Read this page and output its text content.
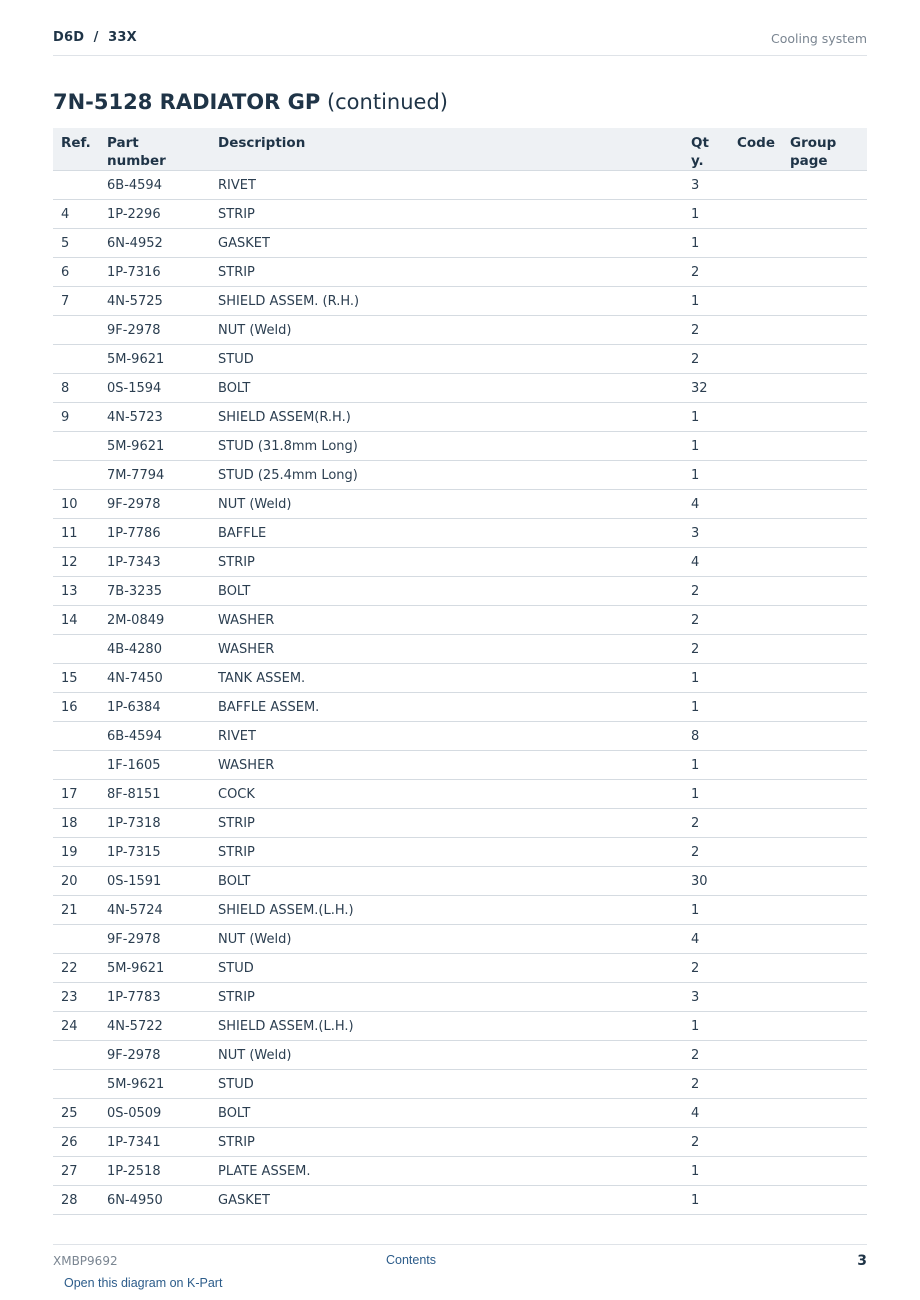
D6D  /  33X	Cooling system
7N-5128 RADIATOR GP (continued)
Ref.	Part number	Description	Qty.	Code	Group page
	6B-4594	RIVET	3		
4	1P-2296	STRIP	1		
5	6N-4952	GASKET	1		
6	1P-7316	STRIP	2		
7	4N-5725	SHIELD ASSEM. (R.H.)	1		
	9F-2978	NUT (Weld)	2		
	5M-9621	STUD	2		
8	0S-1594	BOLT	32		
9	4N-5723	SHIELD ASSEM(R.H.)	1		
	5M-9621	STUD (31.8mm Long)	1		
	7M-7794	STUD (25.4mm Long)	1		
10	9F-2978	NUT (Weld)	4		
11	1P-7786	BAFFLE	3		
12	1P-7343	STRIP	4		
13	7B-3235	BOLT	2		
14	2M-0849	WASHER	2		
	4B-4280	WASHER	2		
15	4N-7450	TANK ASSEM.	1		
16	1P-6384	BAFFLE ASSEM.	1		
	6B-4594	RIVET	8		
	1F-1605	WASHER	1		
17	8F-8151	COCK	1		
18	1P-7318	STRIP	2		
19	1P-7315	STRIP	2		
20	0S-1591	BOLT	30		
21	4N-5724	SHIELD ASSEM.(L.H.)	1		
	9F-2978	NUT (Weld)	4		
22	5M-9621	STUD	2		
23	1P-7783	STRIP	3		
24	4N-5722	SHIELD ASSEM.(L.H.)	1		
	9F-2978	NUT (Weld)	2		
	5M-9621	STUD	2		
25	0S-0509	BOLT	4		
26	1P-7341	STRIP	2		
27	1P-2518	PLATE ASSEM.	1		
28	6N-4950	GASKET	1		
XMBP9692	Contents	3
Open this diagram on K-Part
